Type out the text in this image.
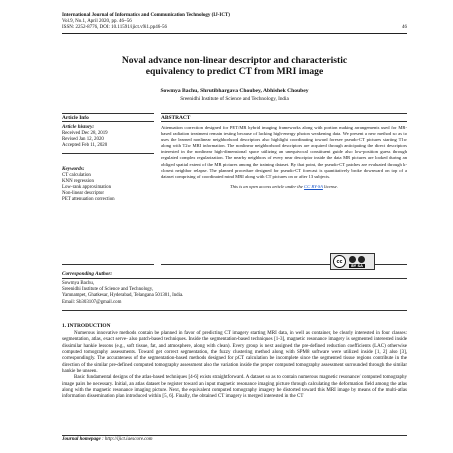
International Journal of Informatics and Communication Technology (IJ-ICT)
Vol.9, No.1, April 2020, pp. 46~56
ISSN: 2252-8776, DOI: 10.11591/ijict.v9i1.pp46-56	46
Noval advance non-linear descriptor and characteristic
equivalency to predict CT from MRI image
Sowmya Bachu, Shrutibhargava Choubey, Abhishek Choubey
Sreenidhi Institute of Science and Technology, India
Article Info
Article history:
Received Dec 28, 2019
Revised Jan 12, 2020
Accepted Feb 11, 2020
Keywords:
CT calculation
KNN regression
Low-rank approximation
Non-linear descriptor
PET attenuation correction
ABSTRACT
Attenuation correction designed for PET/MR hybrid imaging frameworks along with portion making arrangements used for MR-based radiation treatment remain testing because of lacking high-energy photon weakening data. We present a new method so as to uses the learned nonlinear neighborhood descriptors also highlight coordinating toward foresee pseudo-CT pictures starting T1w along with T2w MRI information. The nonlinear neighborhood descriptors are acquired through anticipating the direct descriptors interested in the nonlinear high-dimensional space utilizing an unequivocal constituent guide also low-position guess through regulated complex regularization. The nearby neighbors of every near descriptor inside the data MR pictures are looked during an obliged spatial extent of the MR pictures among the training dataset. By that point, the pseudo-CT patches are evaluated through k-closest neighbor relapse. The planned procedure designed for pseudo-CT forecast is quantitatively broke downward on top of a dataset comprising of coordinated mind MRI along with CT pictures on or after 13 subjects.
This is an open access article under the CC BY-SA license.
cc
BY SA
Corresponding Author:
Sowmya Bachu,
Sreenidhi Institute of Science and Technology,
Yamnampet, Ghatkesar, Hyderabad, Telangana 501301, India.
Email: Sb303107@gmail.com
1. INTRODUCTION

Numerous innovative methods contain be planned in favor of predicting CT imagery starting MRI data, in well as container, be clearly interested in four classes: segmentation, atlas, exact serve- also patch-based techniques. Inside the segmentation-based techniques [1-3], magnetic resonance imagery is segmented interested inside dissimilar hankie lessons (e.g., soft tissue, fat, and atmosphere, along with clean). Every group is next assigned the pre-defined reduction coefficients (LAC) otherwise computed tomography assessments. Toward get correct segmentation, the fuzzy clustering method along with SPM8 software were utilized inside [1, 2] also [3], correspondingly. The accurateness of the segmentation-based methods designed for pCT calculation be incomplete since the segmented tissue regions contribute in the direction of the similar pre-defined computed tomography assessment also the variation inside the proper computed tomography assessment surrounded through the similar hankie be unseen.

Basic fundamental designs of the atlas-based techniques [4-6] exists straightforward. A dataset so as to contain numerous magnetic resonance/ computed tomography image pairs be necessary. Initial, an atlas dataset be register toward an input magnetic resonance imaging picture through calculating the deformation field among the atlas along with the magnetic resonance imaging picture. Next, the equivalent computed tomography imagery be distorted toward this MRI image by means of the multi-atlas information dissemination plan introduced within [5, 6]. Finally, the obtained CT imagery is merged interested in the CT

Journal homepage : http://ijict.iaescore.com
